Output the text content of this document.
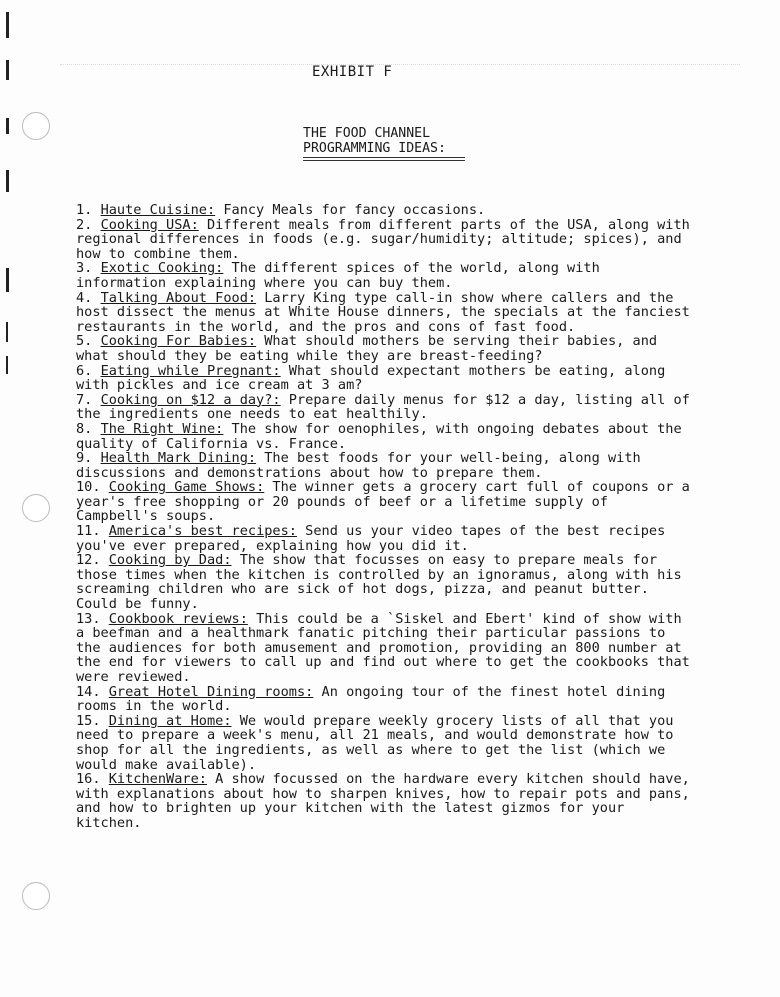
EXHIBIT F
THE FOOD CHANNEL
PROGRAMMING IDEAS:

1. Haute Cuisine: Fancy Meals for fancy occasions.

2. Cooking USA: Different meals from different parts of the USA, along with regional differences in foods (e.g. sugar/humidity; altitude; spices), and how to combine them.

3. Exotic Cooking: The different spices of the world, along with information explaining where you can buy them.

4. Talking About Food: Larry King type call-in show where callers and the host dissect the menus at White House dinners, the specials at the fanciest restaurants in the world, and the pros and cons of fast food.

5. Cooking For Babies: What should mothers be serving their babies, and what should they be eating while they are breast-feeding?

6. Eating while Pregnant: What should expectant mothers be eating, along with pickles and ice cream at 3 am?

7. Cooking on $12 a day?: Prepare daily menus for $12 a day, listing all of the ingredients one needs to eat healthily.

8. The Right Wine: The show for oenophiles, with ongoing debates about the quality of California vs. France.

9. Health Mark Dining: The best foods for your well-being, along with discussions and demonstrations about how to prepare them.

10. Cooking Game Shows: The winner gets a grocery cart full of coupons or a year's free shopping or 20 pounds of beef or a lifetime supply of Campbell's soups.

11. America's best recipes: Send us your video tapes of the best recipes you've ever prepared, explaining how you did it.

12. Cooking by Dad: The show that focusses on easy to prepare meals for those times when the kitchen is controlled by an ignoramus, along with his screaming children who are sick of hot dogs, pizza, and peanut butter. Could be funny.

13. Cookbook reviews: This could be a `Siskel and Ebert' kind of show with a beefman and a healthmark fanatic pitching their particular passions to the audiences for both amusement and promotion, providing an 800 number at the end for viewers to call up and find out where to get the cookbooks that were reviewed.

14. Great Hotel Dining rooms: An ongoing tour of the finest hotel dining rooms in the world.

15. Dining at Home: We would prepare weekly grocery lists of all that you need to prepare a week's menu, all 21 meals, and would demonstrate how to shop for all the ingredients, as well as where to get the list (which we would make available).

16. KitchenWare: A show focussed on the hardware every kitchen should have, with explanations about how to sharpen knives, how to repair pots and pans, and how to brighten up your kitchen with the latest gizmos for your kitchen.
